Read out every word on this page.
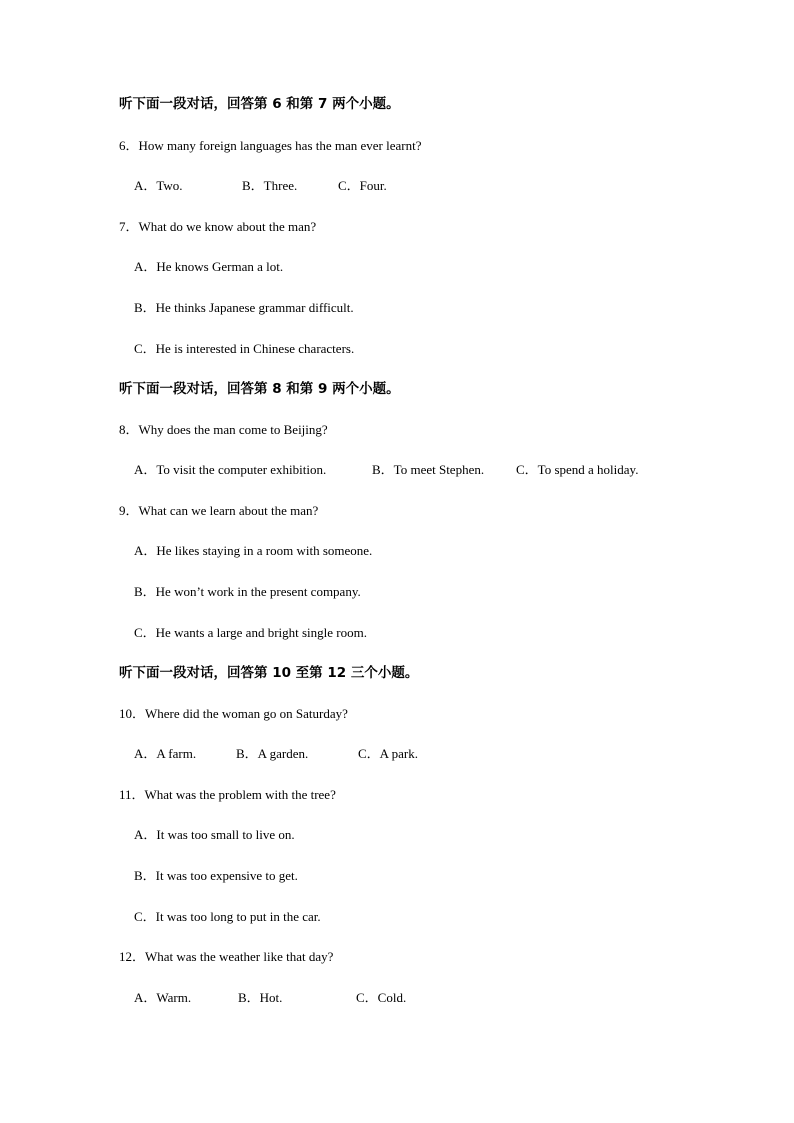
听下面一段对话，回答第 6 和第 7 两个小题。
6．How many foreign languages has the man ever learnt?
A．Two.	B．Three.	C．Four.
7．What do we know about the man?
A．He knows German a lot.
B．He thinks Japanese grammar difficult.
C．He is interested in Chinese characters.
听下面一段对话，回答第 8 和第 9 两个小题。
8．Why does the man come to Beijing?
A．To visit the computer exhibition.	B．To meet Stephen. C．To spend a holiday.
9．What can we learn about the man?
A．He likes staying in a room with someone.
B．He won’t work in the present company.
C．He wants a large and bright single room.
听下面一段对话，回答第 10 至第 12 三个小题。
10．Where did the woman go on Saturday?
A．A farm.	B．A garden.	C．A park.
11．What was the problem with the tree?
A．It was too small to live on.
B．It was too expensive to get.
C．It was too long to put in the car.
12．What was the weather like that day?
A．Warm.	B．Hot.	C．Cold.
